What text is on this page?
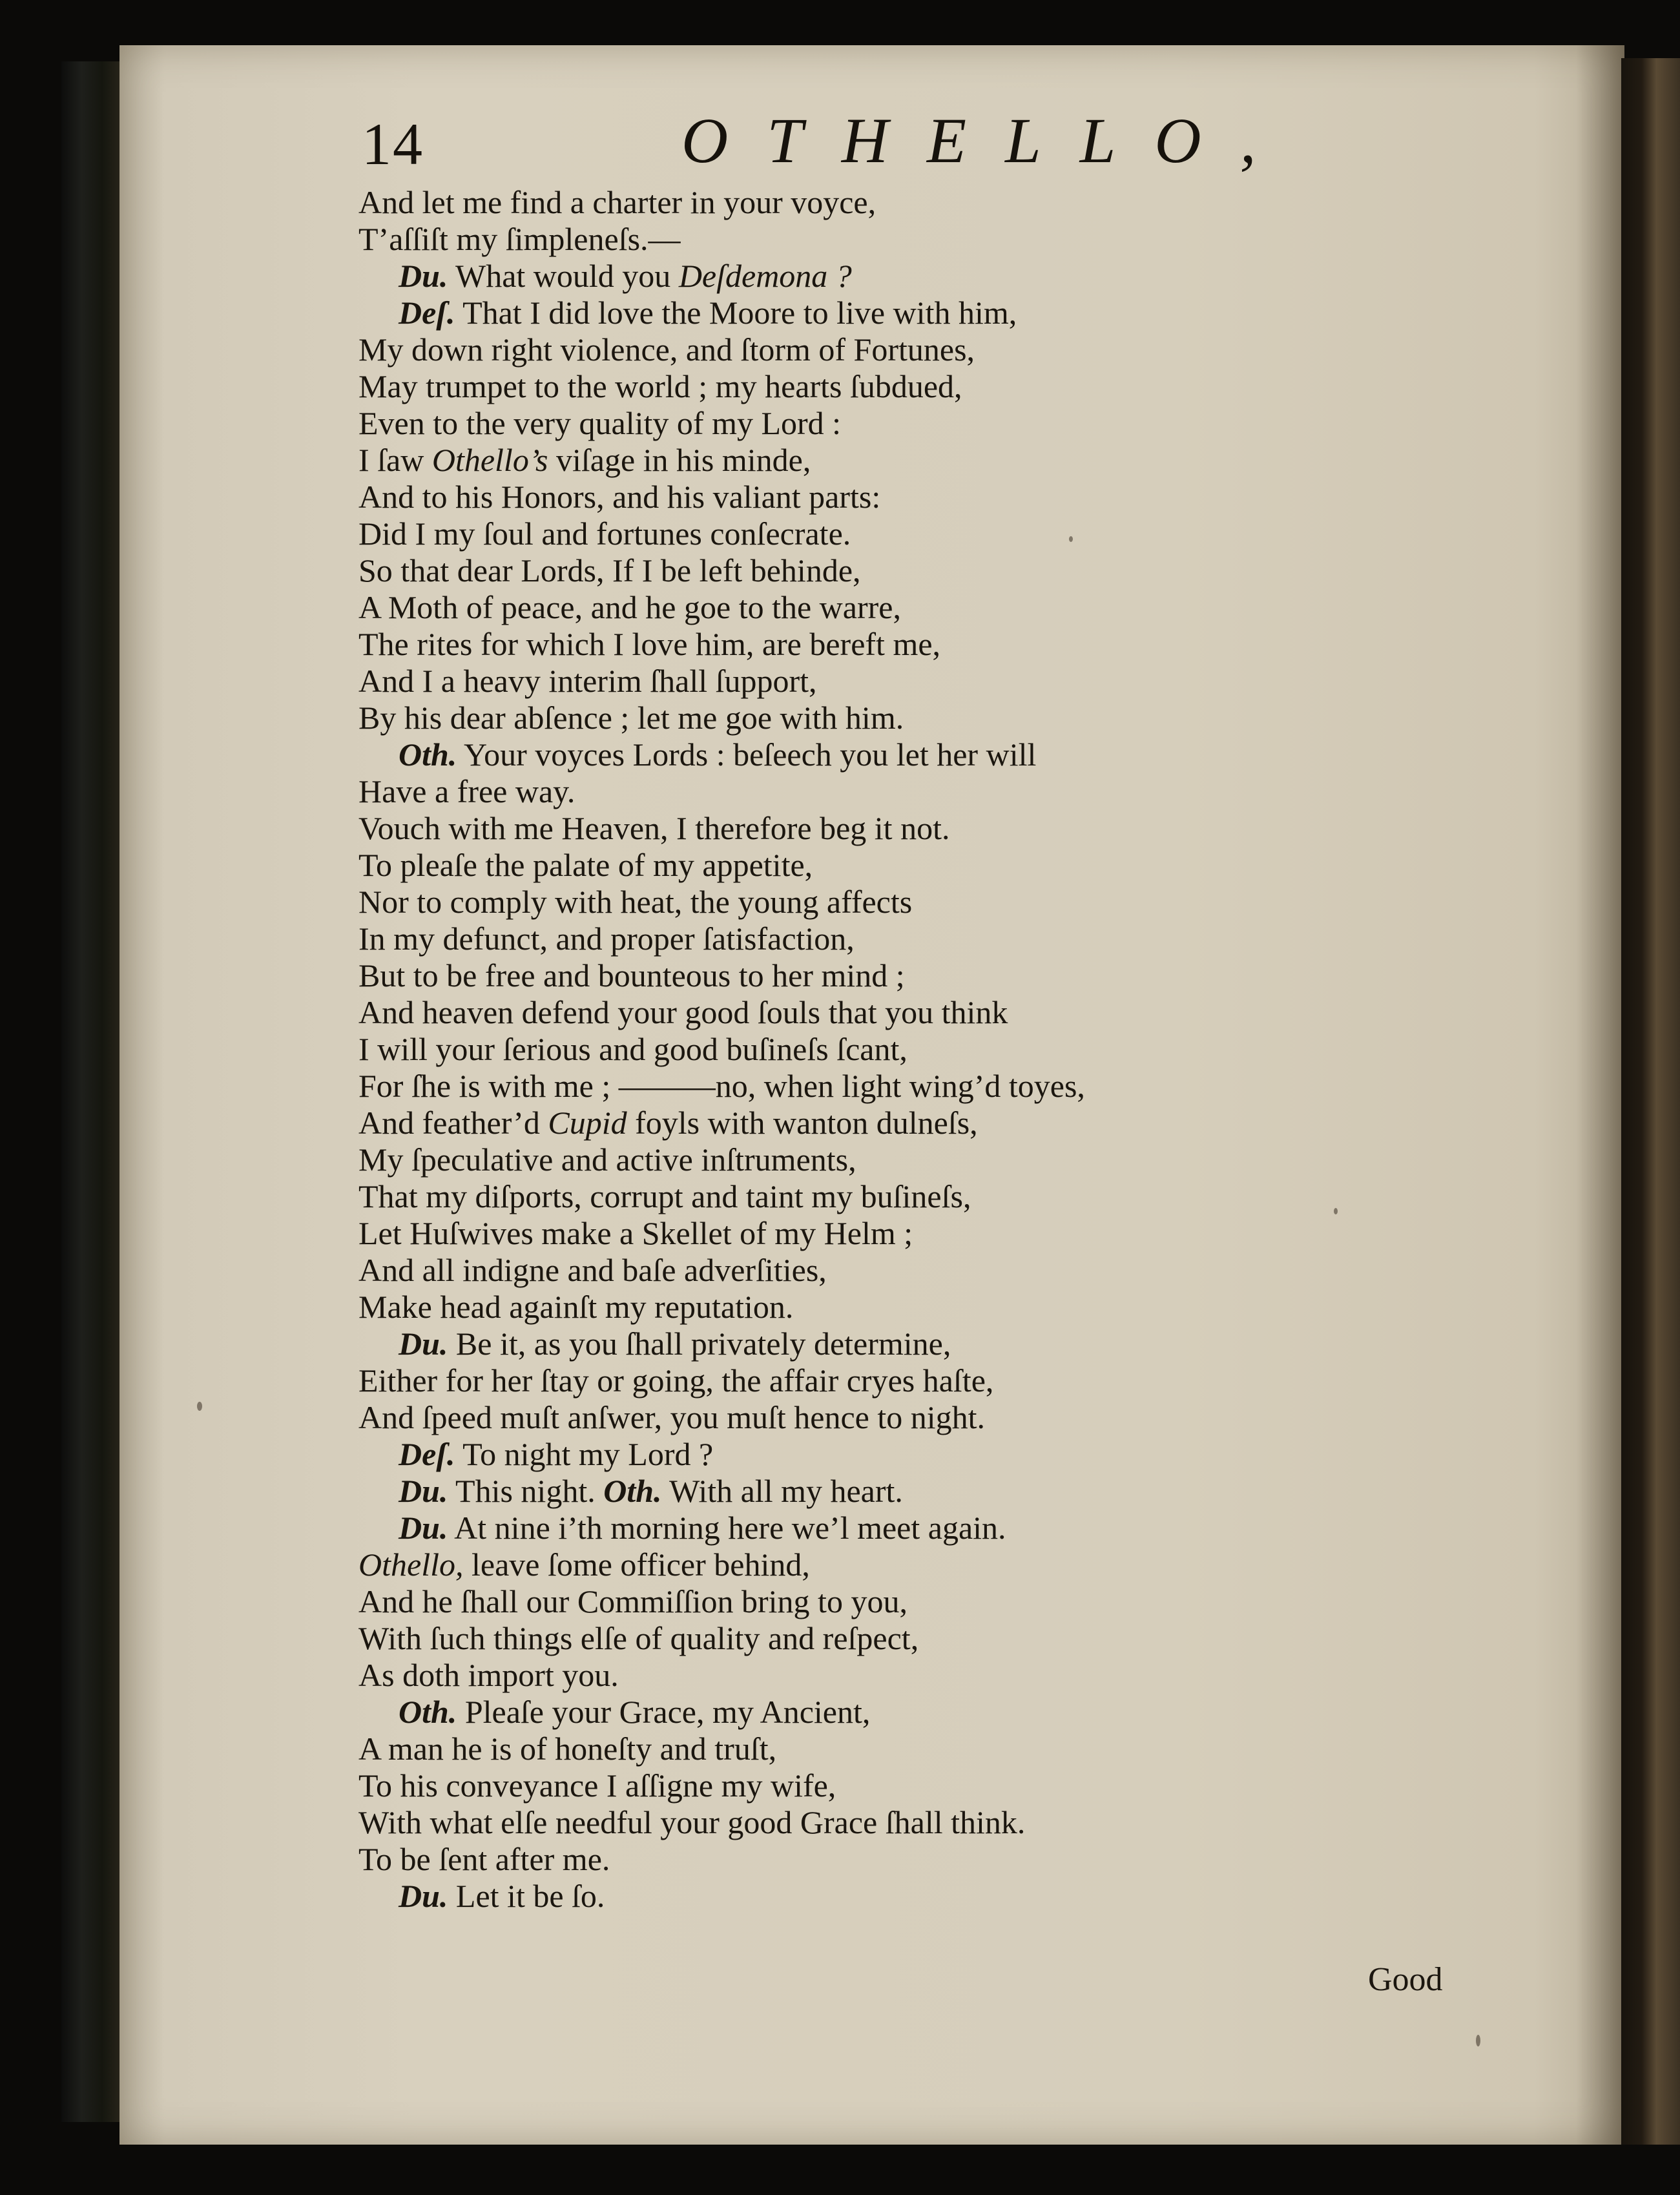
14	OTHELLO,
And let me find a charter in your voyce,
T’aſſiſt my ſimpleneſs.—
Du. What would you Deſdemona ?
Deſ. That I did love the Moore to live with him,
My down right violence, and ſtorm of Fortunes,
May trumpet to the world ; my hearts ſubdued,
Even to the very quality of my Lord :
I ſaw Othello’s viſage in his minde,
And to his Honors, and his valiant parts:
Did I my ſoul and fortunes conſecrate.
So that dear Lords, If I be left behinde,
A Moth of peace, and he goe to the warre,
The rites for which I love him, are bereft me,
And I a heavy interim ſhall ſupport,
By his dear abſence ; let me goe with him.
Oth. Your voyces Lords : beſeech you let her will
Have a free way.
Vouch with me Heaven, I therefore beg it not.
To pleaſe the palate of my appetite,
Nor to comply with heat, the young affects
In my defunct, and proper ſatisfaction,
But to be free and bounteous to her mind ;
And heaven defend your good ſouls that you think
I will your ſerious and good buſineſs ſcant,
For ſhe is with me ; ———no, when light wing’d toyes,
And feather’d Cupid foyls with wanton dulneſs,
My ſpeculative and active inſtruments,
That my diſports, corrupt and taint my buſineſs,
Let Huſwives make a Skellet of my Helm ;
And all indigne and baſe adverſities,
Make head againſt my reputation.
Du. Be it, as you ſhall privately determine,
Either for her ſtay or going, the affair cryes haſte,
And ſpeed muſt anſwer, you muſt hence to night.
Deſ. To night my Lord ?
Du. This night. Oth. With all my heart.
Du. At nine i’th morning here we’l meet again.
Othello, leave ſome officer behind,
And he ſhall our Commiſſion bring to you,
With ſuch things elſe of quality and reſpect,
As doth import you.
Oth. Pleaſe your Grace, my Ancient,
A man he is of honeſty and truſt,
To his conveyance I aſſigne my wife,
With what elſe needful your good Grace ſhall think.
To be ſent after me.
Du. Let it be ſo.
Good
